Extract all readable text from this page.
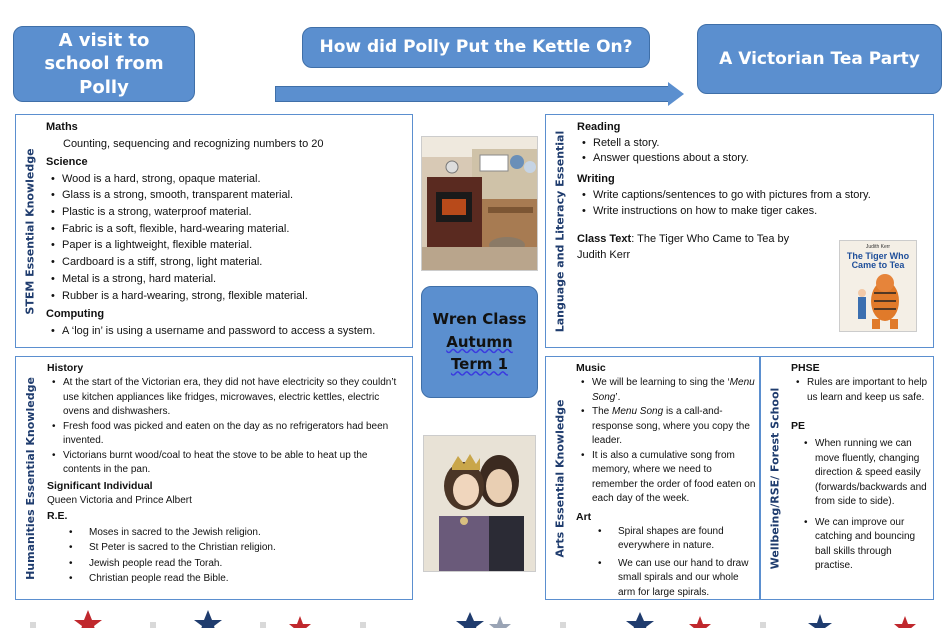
A visit to school from Polly
How did Polly Put the Kettle On?
A Victorian Tea Party
STEM Essential Knowledge
Maths
Counting, sequencing and recognizing numbers to 20
Science
• Wood is a hard, strong, opaque material.
• Glass is a strong, smooth, transparent material.
• Plastic is a strong, waterproof material.
• Fabric is a soft, flexible, hard-wearing material.
• Paper is a lightweight, flexible material.
• Cardboard is a stiff, strong, light material.
• Metal is a strong, hard material.
• Rubber is a hard-wearing, strong, flexible material.
Computing
• A ‘log in’ is using a username and password to access a system.	Language and Literacy Essential
Reading
• Retell a story.
• Answer questions about a story.
Writing
• Write captions/sentences to go with pictures from a story.
• Write instructions on how to make tiger cakes.
Class Text: The Tiger Who Came to Tea by Judith Kerr
Judith Kerr
The Tiger Who Came to Tea
Wren Class
Autumn
Term 1
Humanities Essential Knowledge
History
• At the start of the Victorian era, they did not have electricity so they couldn’t use kitchen appliances like fridges, microwaves, electric kettles, electric ovens and dishwashers.
• Fresh food was picked and eaten on the day as no refrigerators had been invented.
• Victorians burnt wood/coal to heat the stove to be able to heat up the contents in the pan.
Significant Individual
Queen Victoria and Prince Albert
R.E.
• Moses in sacred to the Jewish religion.
• St Peter is sacred to the Christian religion.
• Jewish people read the Torah.
• Christian people read the Bible.
Arts Essential Knowledge
Music
• We will be learning to sing the ‘Menu Song’.
• The Menu Song is a call-and-response song, where you copy the leader.
• It is also a cumulative song from memory, where we need to remember the order of food eaten on each day of the week.
Art
• Spiral shapes are found everywhere in nature.
• We can use our hand to draw small spirals and our whole arm for large spirals.
Wellbeing/RSE/ Forest School
PHSE
• Rules are important to help us learn and keep us safe.
PE
• When running we can move fluently, changing direction & speed easily (forwards/backwards and from side to side).
• We can improve our catching and bouncing ball skills through practise.
